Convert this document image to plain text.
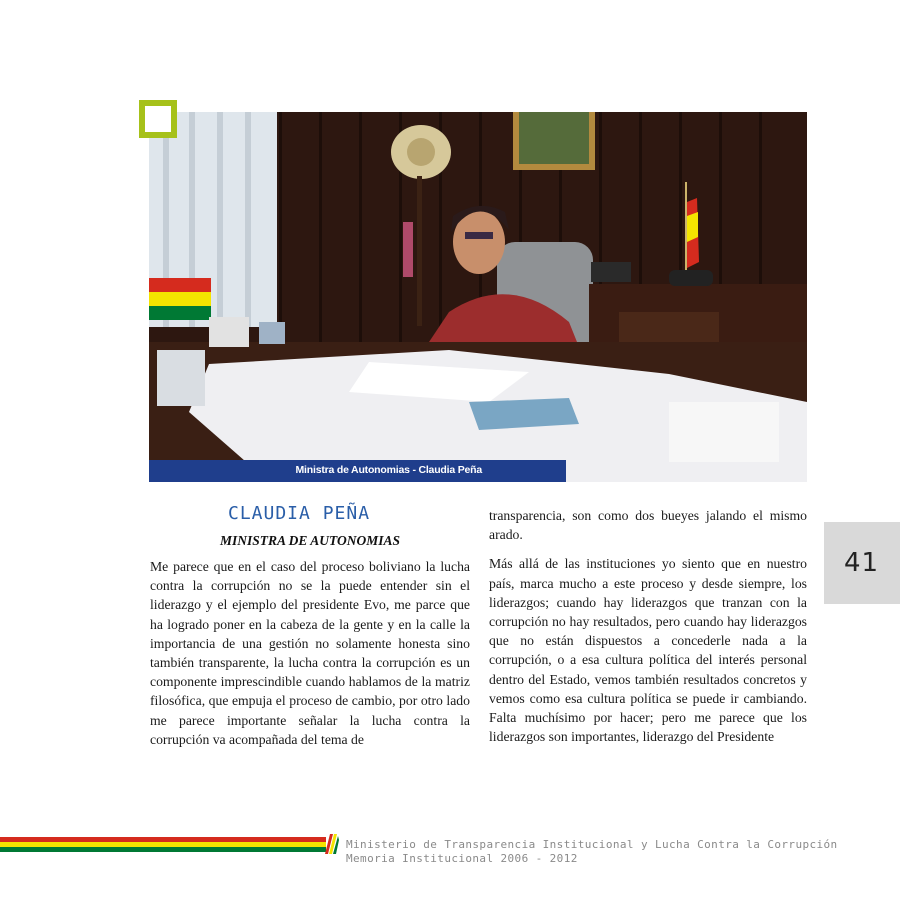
Ministra de Autonomias - Claudia Peña
CLAUDIA PEÑA
MINISTRA DE AUTONOMIAS

Me parece que en el caso del proceso boliviano la lucha contra la corrupción no se la puede entender sin el liderazgo y el ejemplo del presidente Evo, me parce que ha logrado poner en la cabeza de la gente y en la calle la importancia de una gestión no solamente honesta sino también transparente, la lucha contra la corrupción es un componente imprescindible cuando hablamos de la matriz filosófica, que empuja el proceso de cambio, por otro lado me parece importante señalar la lucha contra la corrupción va acompañada del tema de

transparencia, son como dos bueyes jalando el mismo arado.

Más allá de las instituciones yo siento que en nuestro país, marca mucho a este proceso y desde siempre, los liderazgos; cuando hay liderazgos que tranzan con la corrupción no hay resultados, pero cuando hay liderazgos que no están dispuestos a concederle nada a la corrupción, o a esa cultura política del interés personal dentro del Estado, vemos también resultados concretos y vemos como esa cultura política se puede ir cambiando. Falta muchísimo por hacer; pero me parece que los liderazgos son importantes, liderazgo del Presidente

41
Ministerio de Transparencia Institucional y Lucha Contra la Corrupción
Memoria Institucional 2006 - 2012
